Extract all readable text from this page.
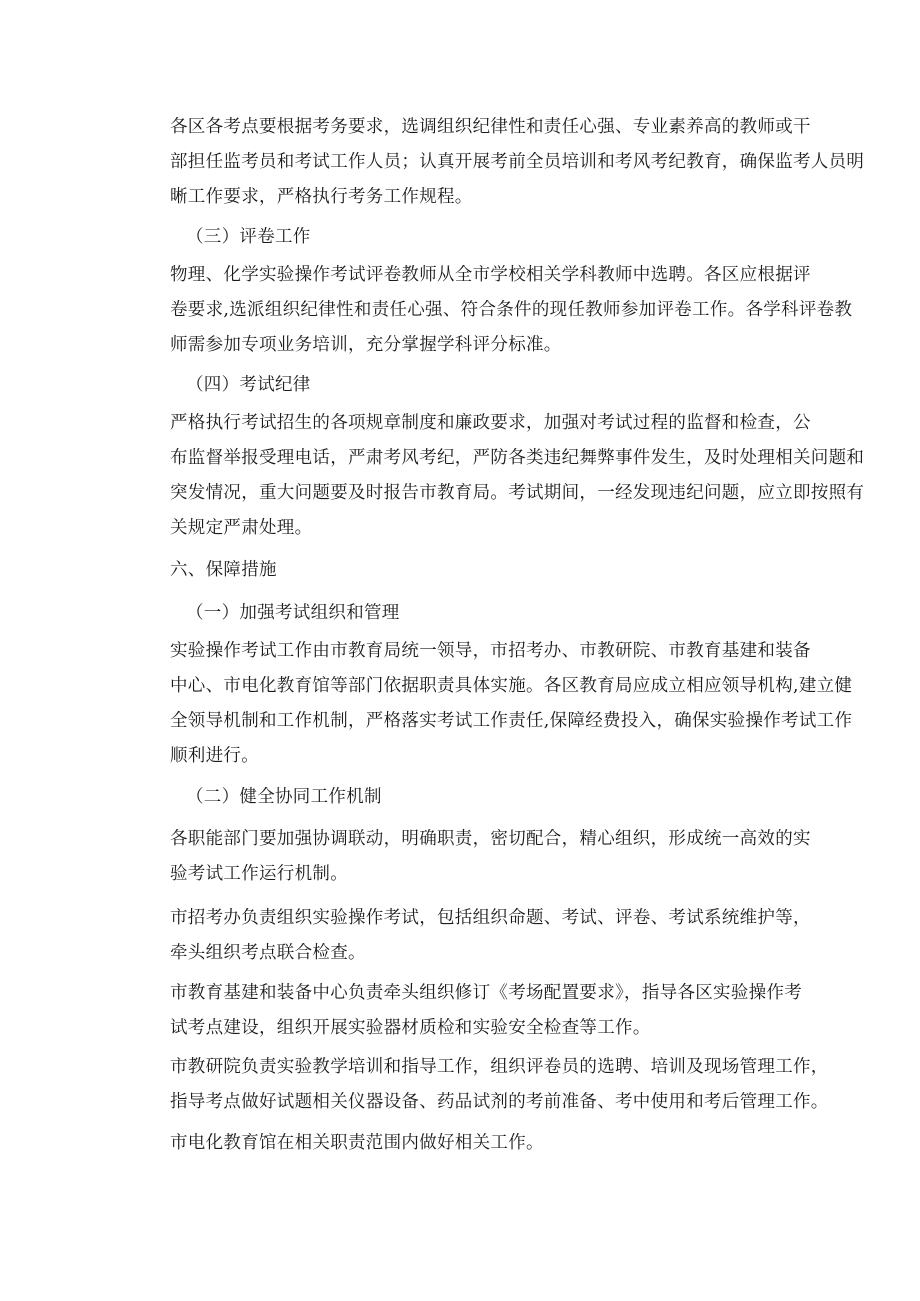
各区各考点要根据考务要求，选调组织纪律性和责任心强、专业素养高的教师或干
部担任监考员和考试工作人员；认真开展考前全员培训和考风考纪教育，确保监考人员明
晰工作要求，严格执行考务工作规程。
（三）评卷工作
物理、化学实验操作考试评卷教师从全市学校相关学科教师中选聘。各区应根据评
卷要求,选派组织纪律性和责任心强、符合条件的现任教师参加评卷工作。各学科评卷教
师需参加专项业务培训，充分掌握学科评分标准。
（四）考试纪律
严格执行考试招生的各项规章制度和廉政要求，加强对考试过程的监督和检查，公
布监督举报受理电话，严肃考风考纪，严防各类违纪舞弊事件发生，及时处理相关问题和
突发情况，重大问题要及时报告市教育局。考试期间，一经发现违纪问题，应立即按照有
关规定严肃处理。
六、保障措施
（一）加强考试组织和管理
实验操作考试工作由市教育局统一领导，市招考办、市教研院、市教育基建和装备
中心、市电化教育馆等部门依据职责具体实施。各区教育局应成立相应领导机构,建立健
全领导机制和工作机制，严格落实考试工作责任,保障经费投入，确保实验操作考试工作
顺利进行。
（二）健全协同工作机制
各职能部门要加强协调联动，明确职责，密切配合，精心组织，形成统一高效的实
验考试工作运行机制。
市招考办负责组织实验操作考试，包括组织命题、考试、评卷、考试系统维护等，
牵头组织考点联合检查。
市教育基建和装备中心负责牵头组织修订《考场配置要求》，指导各区实验操作考
试考点建设，组织开展实验器材质检和实验安全检查等工作。
市教研院负责实验教学培训和指导工作，组织评卷员的选聘、培训及现场管理工作，
指导考点做好试题相关仪器设备、药品试剂的考前准备、考中使用和考后管理工作。
市电化教育馆在相关职责范围内做好相关工作。
